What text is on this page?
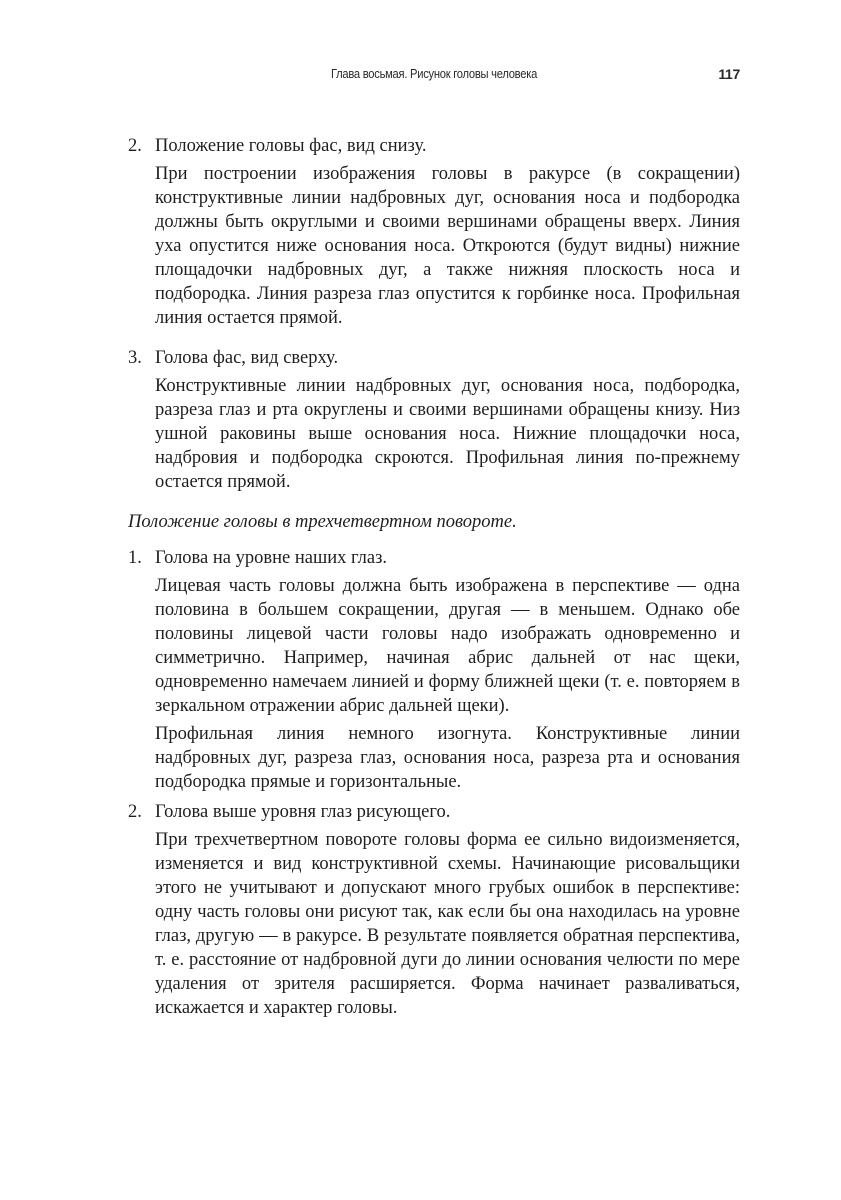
Глава восьмая. Рисунок головы человека	117

2. Положение головы фас, вид снизу.

При построении изображения головы в ракурсе (в сокращении) конструктивные линии надбровных дуг, основания носа и подбородка должны быть округлыми и своими вершинами обращены вверх. Линия уха опустится ниже основания носа. Откроются (будут видны) нижние площадочки надбровных дуг, а также нижняя плоскость носа и подбородка. Линия разреза глаз опустится к горбинке носа. Профильная линия остается прямой.

3. Голова фас, вид сверху.

Конструктивные линии надбровных дуг, основания носа, подбородка, разреза глаз и рта округлены и своими вершинами обращены книзу. Низ ушной раковины выше основания носа. Нижние площадочки носа, надбровия и подбородка скроются. Профильная линия по-прежнему остается прямой.

Положение головы в трехчетвертном повороте.

1. Голова на уровне наших глаз.

Лицевая часть головы должна быть изображена в перспективе — одна половина в большем сокращении, другая — в меньшем. Однако обе половины лицевой части головы надо изображать одновременно и симметрично. Например, начиная абрис дальней от нас щеки, одновременно намечаем линией и форму ближней щеки (т. е. повторяем в зеркальном отражении абрис дальней щеки).

Профильная линия немного изогнута. Конструктивные линии надбровных дуг, разреза глаз, основания носа, разреза рта и основания подбородка прямые и горизонтальные.

2. Голова выше уровня глаз рисующего.

При трехчетвертном повороте головы форма ее сильно видоизменяется, изменяется и вид конструктивной схемы. Начинающие рисовальщики этого не учитывают и допускают много грубых ошибок в перспективе: одну часть головы они рисуют так, как если бы она находилась на уровне глаз, другую — в ракурсе. В результате появляется обратная перспектива, т. е. расстояние от надбровной дуги до линии основания челюсти по мере удаления от зрителя расширяется. Форма начинает разваливаться, искажается и характер головы.
